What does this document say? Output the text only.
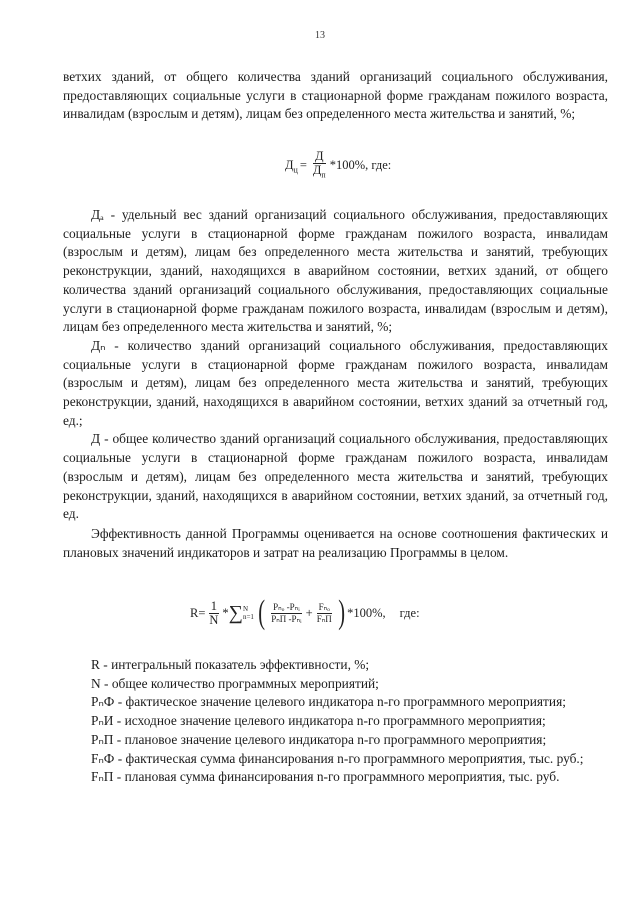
13

ветхих зданий, от общего количества зданий организаций социального обслуживания, предоставляющих социальные услуги в стационарной форме гражданам пожилого возраста, инвалидам (взрослым и детям), лицам без определенного места жительства и занятий, %;

$Д_ц = \frac{Д}{Д_п} *100\%$, где:

Дₐ - удельный вес зданий организаций социального обслуживания, предоставляющих социальные услуги в стационарной форме гражданам пожилого возраста, инвалидам (взрослым и детям), лицам без определенного места жительства и занятий, требующих реконструкции, зданий, находящихся в аварийном состоянии, ветхих зданий, от общего количества зданий организаций социального обслуживания, предоставляющих социальные услуги в стационарной форме гражданам пожилого возраста, инвалидам (взрослым и детям), лицам без определенного места жительства и занятий, %;

Дₙ - количество зданий организаций социального обслуживания, предоставляющих социальные услуги в стационарной форме гражданам пожилого возраста, инвалидам (взрослым и детям), лицам без определенного места жительства и занятий, требующих реконструкции, зданий, находящихся в аварийном состоянии, ветхих зданий за отчетный год, ед.;

Д - общее количество зданий организаций социального обслуживания, предоставляющих социальные услуги в стационарной форме гражданам пожилого возраста, инвалидам (взрослым и детям), лицам без определенного места жительства и занятий, требующих реконструкции, зданий, находящихся в аварийном состоянии, ветхих зданий, за отчетный год, ед.

Эффективность данной Программы оценивается на основе соотношения фактических и плановых значений индикаторов и затрат на реализацию Программы в целом.

$R= \frac{1}{N}$ * ∑ N
n=1 ( $\frac{\text{Pₙₒ -Pₙᵢ}}{\text{PₙП -Pₙᵢ}} + \frac{\text{Fₙₒ}}{\text{FₙП}}$ ) *100%, где:

R - интегральный показатель эффективности, %;

N - общее количество программных мероприятий;

PₙФ - фактическое значение целевого индикатора n-го программного мероприятия;

PₙИ - исходное значение целевого индикатора n-го программного мероприятия;

PₙП - плановое значение целевого индикатора n-го программного мероприятия;

FₙФ - фактическая сумма финансирования n-го программного мероприятия, тыс. руб.;

FₙП - плановая сумма финансирования n-го программного мероприятия, тыс. руб.
